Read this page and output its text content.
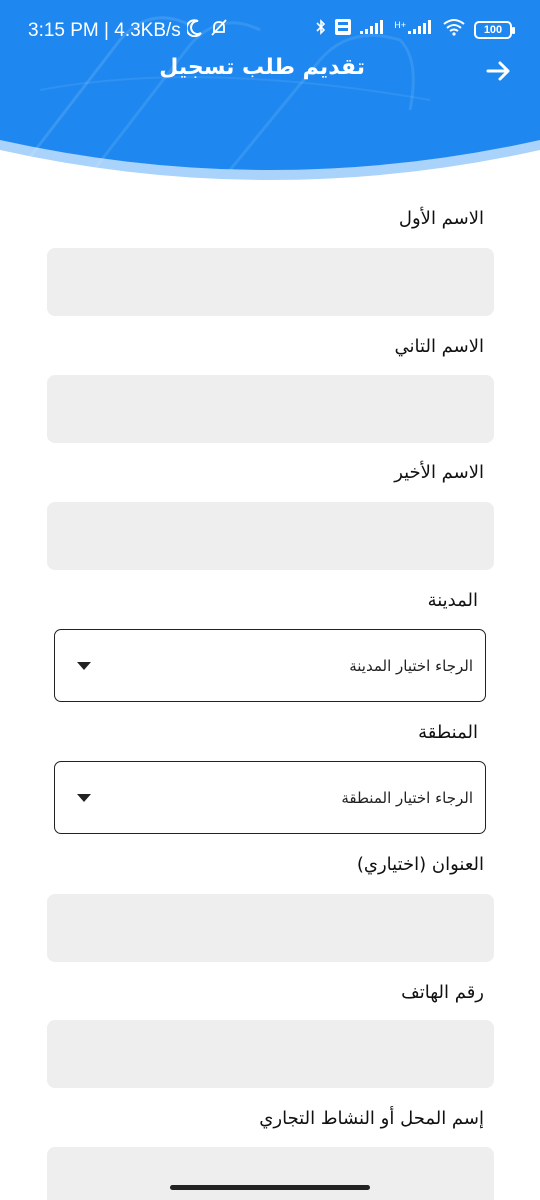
3:15 PM | 4.3KB/s	H+	100
تقديم طلب تسجيل
الاسم الأول
الاسم التاني
الاسم الأخير
المدينة
الرجاء اختيار المدينة
المنطقة
الرجاء اختيار المنطقة
العنوان (اختياري)
رقم الهاتف
إسم المحل أو النشاط التجاري
